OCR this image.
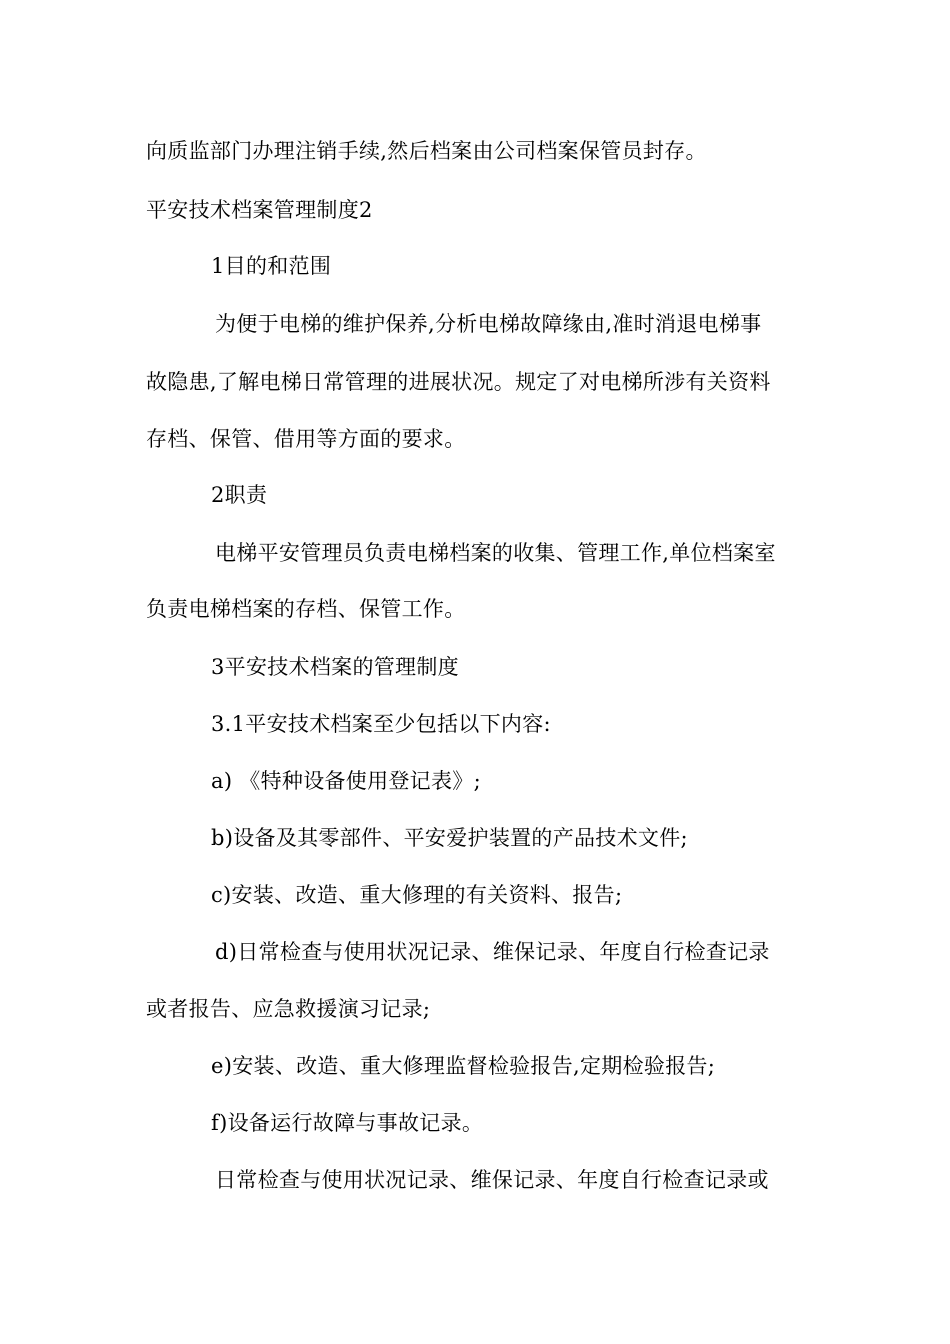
向质监部门办理注销手续,然后档案由公司档案保管员封存。
平安技术档案管理制度2
1目的和范围
为便于电梯的维护保养,分析电梯故障缘由,准时消退电梯事
故隐患,了解电梯日常管理的进展状况。规定了对电梯所涉有关资料
存档、保管、借用等方面的要求。
2职责
电梯平安管理员负责电梯档案的收集、管理工作,单位档案室
负责电梯档案的存档、保管工作。
3平安技术档案的管理制度
3.1平安技术档案至少包括以下内容:
a) 《特种设备使用登记表》;
b)设备及其零部件、平安爱护装置的产品技术文件;
c)安装、改造、重大修理的有关资料、报告;
d)日常检查与使用状况记录、维保记录、年度自行检查记录
或者报告、应急救援演习记录;
e)安装、改造、重大修理监督检验报告,定期检验报告;
f)设备运行故障与事故记录。
日常检查与使用状况记录、维保记录、年度自行检查记录或
